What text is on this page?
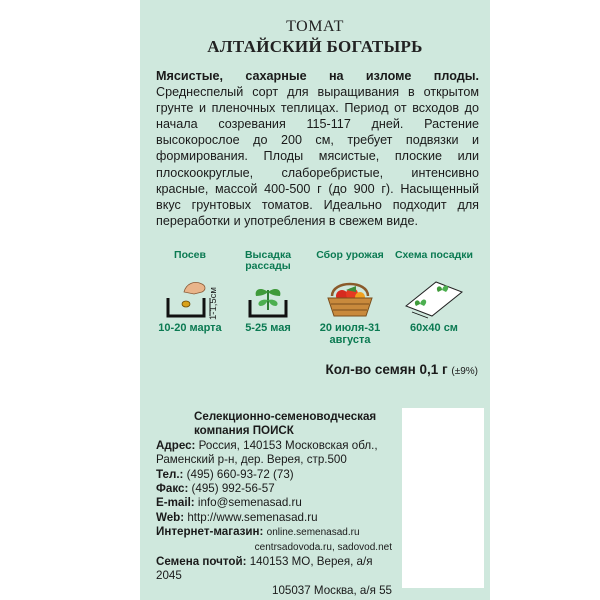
ТОМАТ
АЛТАЙСКИЙ БОГАТЫРЬ
Мясистые, сахарные на изломе плоды. Среднеспелый сорт для выращивания в открытом грунте и пленочных теплицах. Период от всходов до начала созревания 115-117 дней. Растение высокорослое до 200 см, требует подвязки и формирования. Плоды мясистые, плоские или плоскоокруглые, слаборебристые, интенсивно красные, массой 400-500 г (до 900 г). Насыщенный вкус грунтовых томатов. Идеально подходит для переработки и употребления в свежем виде.
Посев
10-20 марта
1-1,5см
Высадка рассады
5-25 мая
Сбор урожая
20 июля-31 августа
Схема посадки
60х40 см
Кол-во семян 0,1 г (±9%)
Селекционно-семеноводческая
компания ПОИСК
Адрес: Россия, 140153 Московская обл., Раменский р-н, дер. Верея, стр.500
Тел.: (495) 660-93-72 (73)
Факс: (495) 992-56-57
E-mail: info@semenasad.ru
Web: http://www.semenasad.ru
Интернет-магазин: online.semenasad.ru
centrsadovoda.ru, sadovod.net
Семена почтой: 140153 МО, Верея, а/я 2045
105037 Москва, а/я 55
